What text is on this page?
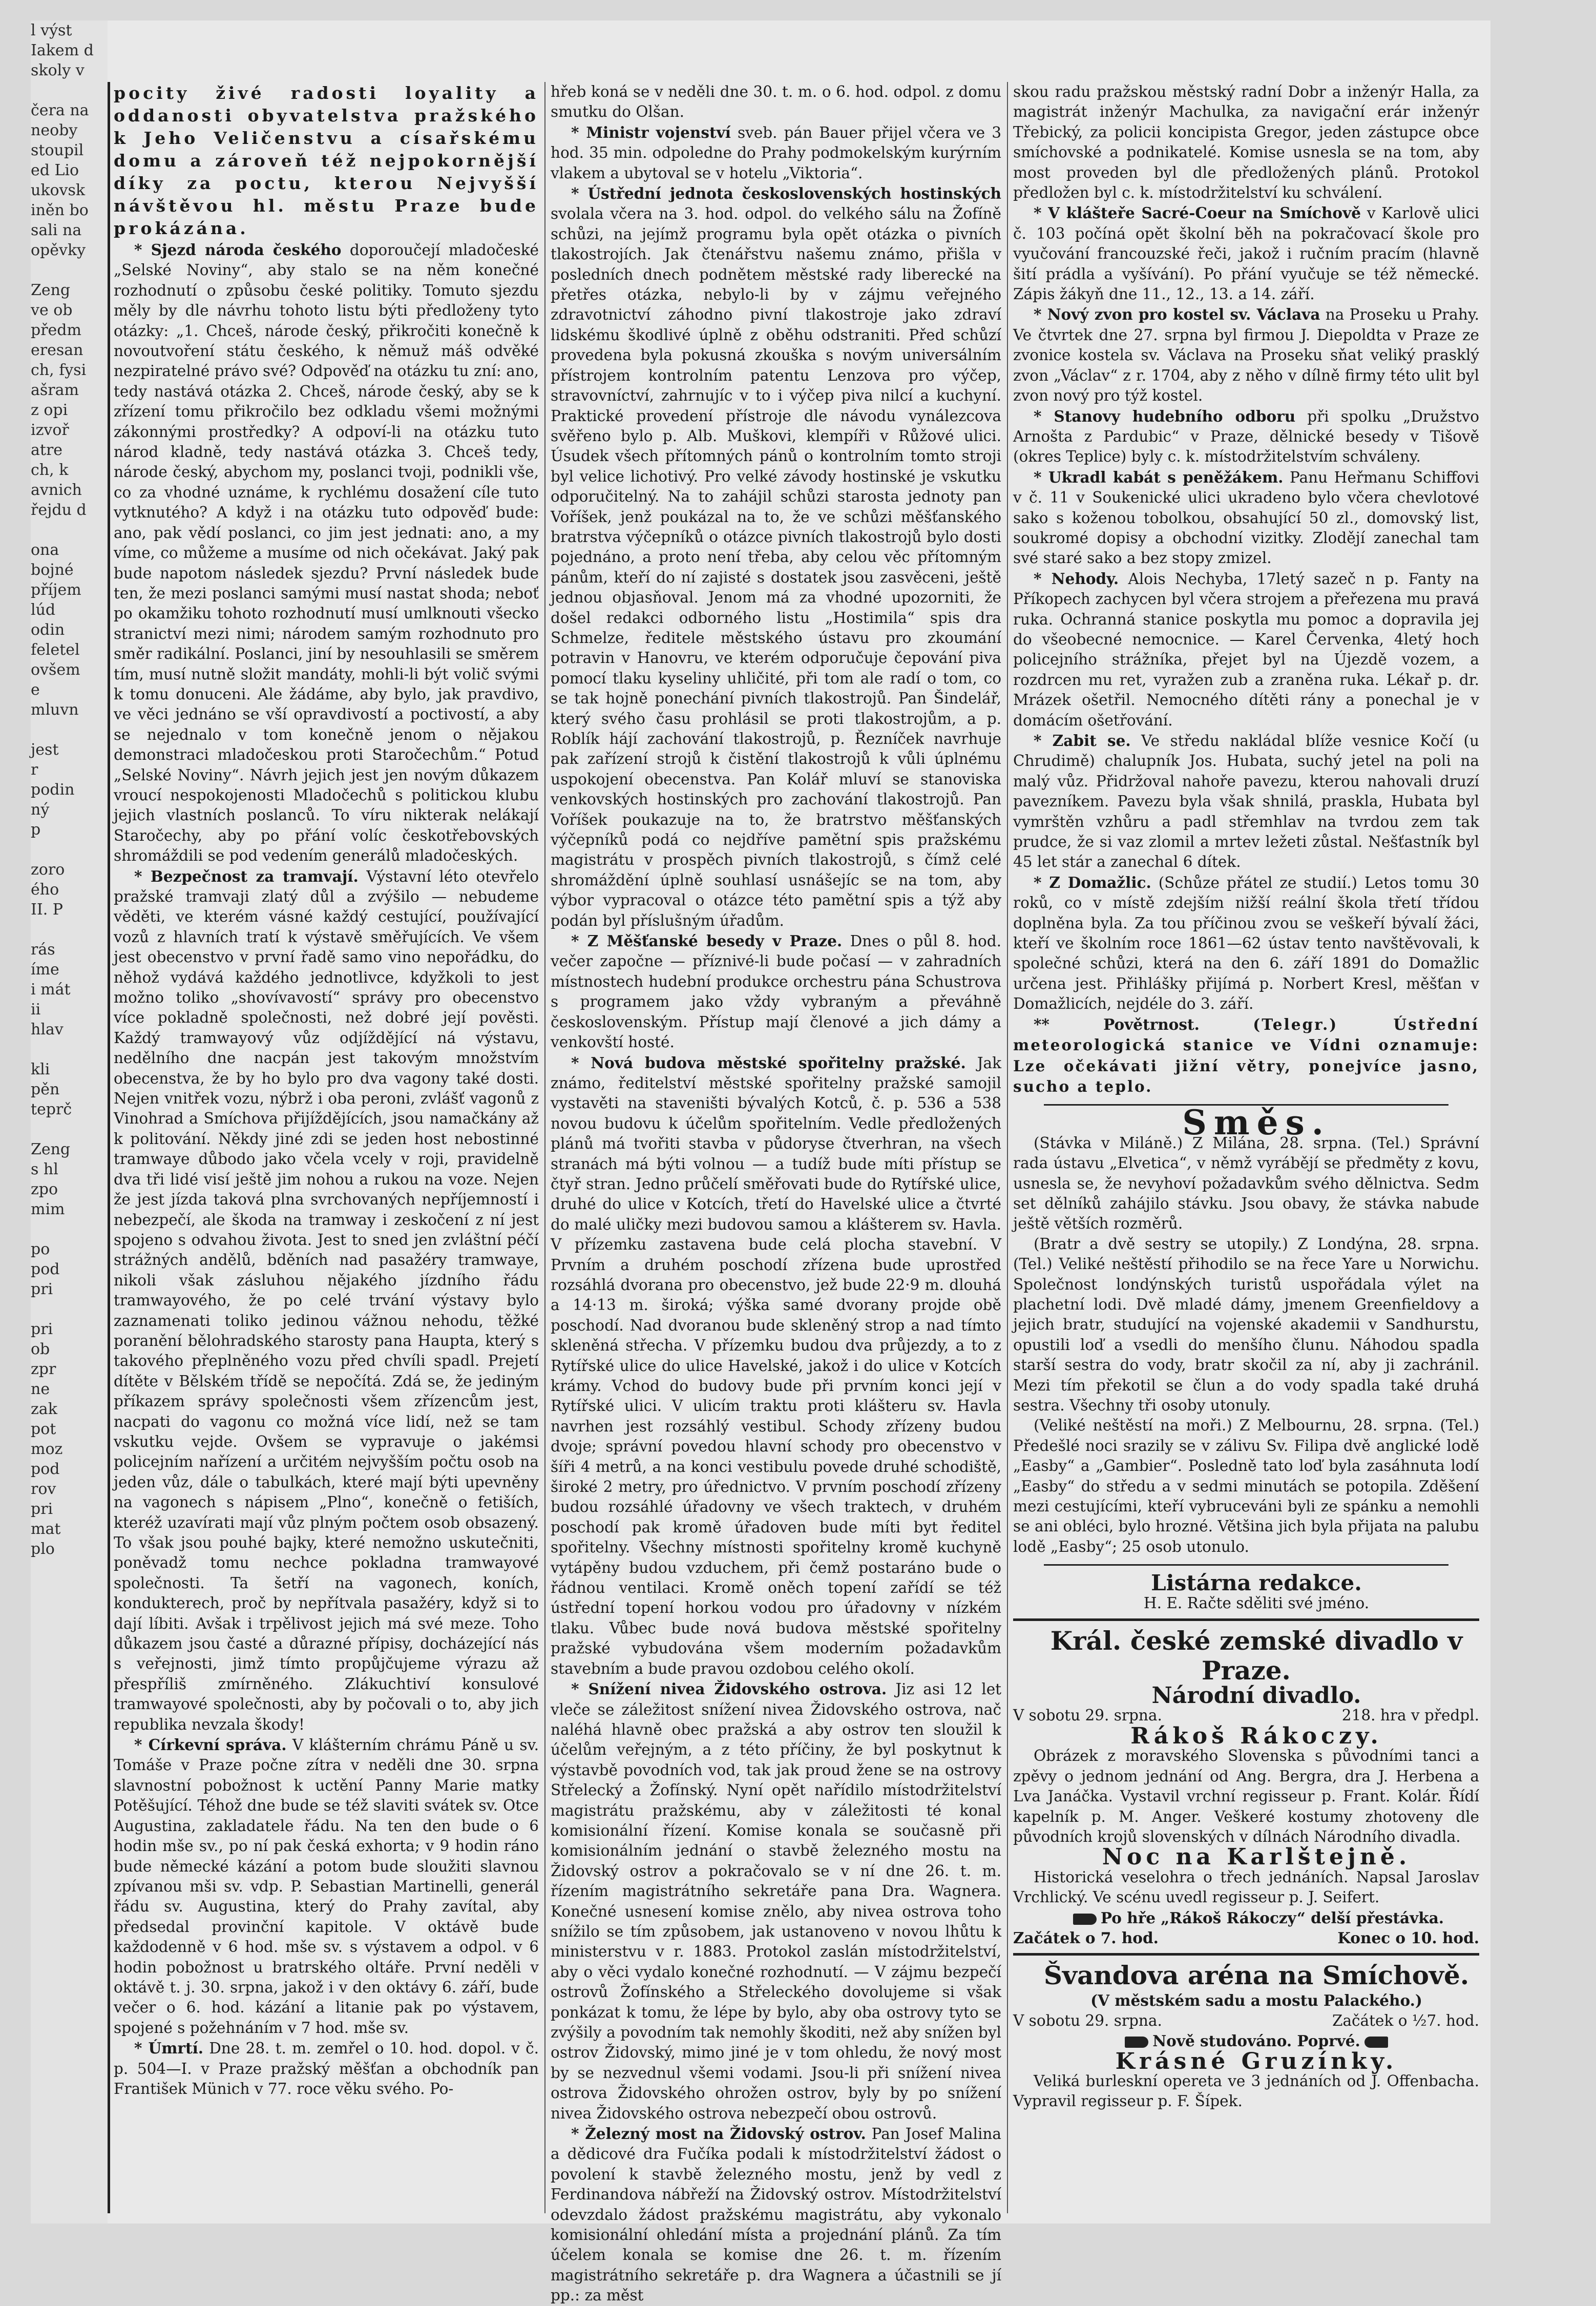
l výst
Iakem d
skoly v
čera na
neoby
stoupil
ed Lio
ukovsk
iněn bo
sali na
opěvky
Zeng
ve ob
předm
eresan
ch, fysi
ašram
z opi
izvoř
atre
ch, k
avnich
řejdu d
ona
bojné
příjem
lúd
odin
feletel
ovšem
e
mluvn
jest
r
podin
ný
p
zoro
ého
II. P
rás
íme
i mát
ii
hlav
kli
pěn
teprč
Zeng
s hl
zpo
mim
po
pod
pri
pri
ob
zpr
ne
zak
pot
moz
pod
rov
pri
mat
plo

pocity živé radosti loyality a oddanosti obyvatelstva pražského k Jeho Veličenstvu a císařskému domu a zároveň též nejpokornější díky za poctu, kterou Nejvyšší návštěvou hl. městu Praze bude prokázána.

* Sjezd národa českého doporoučejí mladočeské „Selské Noviny“, aby stalo se na něm konečné rozhodnutí o způsobu české politiky. Tomuto sjezdu měly by dle návrhu tohoto listu býti předloženy tyto otázky: „1. Chceš, národe český, přikročiti konečně k novoutvoření státu českého, k němuž máš odvěké nezpiratelné právo své? Odpověď na otázku tu zní: ano, tedy nastává otázka 2. Chceš, národe český, aby se k zřízení tomu přikročilo bez odkladu všemi možnými zákonnými prostředky? A odpoví-li na otázku tuto národ kladně, tedy nastává otázka 3. Chceš tedy, národe český, abychom my, poslanci tvoji, podnikli vše, co za vhodné uznáme, k rychlému dosažení cíle tuto vytknutého? A když i na otázku tuto odpověď bude: ano, pak vědí poslanci, co jim jest jednati: ano, a my víme, co můžeme a musíme od nich očekávat. Jaký pak bude napotom následek sjezdu? První následek bude ten, že mezi poslanci samými musí nastat shoda; neboť po okamžiku tohoto rozhodnutí musí umlknouti všecko stranictví mezi nimi; národem samým rozhodnuto pro směr radikální. Poslanci, jiní by nesouhlasili se směrem tím, musí nutně složit mandáty, mohli-li být volič svými k tomu donuceni. Ale žádáme, aby bylo, jak pravdivo, ve věci jednáno se vší opravdivostí a poctivostí, a aby se nejednalo v tom konečně jenom o nějakou demonstraci mladočeskou proti Staročechům.“ Potud „Selské Noviny“. Návrh jejich jest jen novým důkazem vroucí nespokojenosti Mladočechů s politickou klubu jejich vlastních poslanců. To víru nikterak nelákají Staročechy, aby po přání volíc českotřebovských shromáždili se pod vedením generálů mladočeských.

* Bezpečnost za tramvají. Výstavní léto otevřelo pražské tramvaji zlatý důl a zvýšilo — nebudeme věděti, ve kterém vásné každý cestující, používající vozů z hlavních tratí k výstavě směřujících. Ve všem jest obecenstvo v první řadě samo vino nepořádku, do něhož vydává každého jednotlivce, kdyžkoli to jest možno toliko „shovívavostí“ správy pro obecenstvo více pokladně společnosti, než dobré její pověsti. Každý tramwayový vůz odjíždějící ná výstavu, nedělního dne nacpán jest takovým množstvím obecenstva, že by ho bylo pro dva vagony také dosti. Nejen vnitřek vozu, nýbrž i oba peroni, zvlášť vagonů z Vinohrad a Smíchova přijíždějících, jsou namačkány až k politování. Někdy jiné zdi se jeden host nebostinné tramwaye důbodo jako včela vcely v roji, pravidelně dva tři lidé visí ještě jim nohou a rukou na voze. Nejen že jest jízda taková plna svrchovaných nepříjemností i nebezpečí, ale škoda na tramway i zeskočení z ní jest spojeno s odvahou života. Jest to sned jen zvláštní péčí strážných andělů, bděních nad pasažéry tramwaye, nikoli však zásluhou nějakého jízdního řádu tramwayového, že po celé trvání výstavy bylo zaznamenati toliko jedinou vážnou nehodu, těžké poranění bělohradského starosty pana Haupta, který s takového přeplněného vozu před chvíli spadl. Prejetí dítěte v Bělském třídě se nepočítá. Zdá se, že jediným příkazem správy společnosti všem zřízencům jest, nacpati do vagonu co možná více lidí, než se tam vskutku vejde. Ovšem se vypravuje o jakémsi policejním nařízení a určitém nejvyšším počtu osob na jeden vůz, dále o tabulkách, které mají býti upevněny na vagonech s nápisem „Plno“, konečně o fetiších, kteréž uzavírati mají vůz plným počtem osob obsazený. To však jsou pouhé bajky, které nemožno uskutečniti, poněvadž tomu nechce pokladna tramwayové společnosti. Ta šetří na vagonech, koních, kondukterech, proč by nepřítvala pasažéry, když si to dají líbiti. Avšak i trpělivost jejich má své meze. Toho důkazem jsou časté a důrazné přípisy, docházející nás s veřejnosti, jimž tímto propůjčujeme výrazu až přespříliš zmírněného. Zlákuchtiví konsulové tramwayové společnosti, aby by počovali o to, aby jich republika nevzala škody!

* Církevní správa. V klášterním chrámu Páně u sv. Tomáše v Praze počne zítra v neděli dne 30. srpna slavnostní pobožnost k uctění Panny Marie matky Potěšující. Téhož dne bude se též slaviti svátek sv. Otce Augustina, zakladatele řádu. Na ten den bude o 6 hodin mše sv., po ní pak česká exhorta; v 9 hodin ráno bude německé kázání a potom bude sloužiti slavnou zpívanou mši sv. vdp. P. Sebastian Martinelli, generál řádu sv. Augustina, který do Prahy zavítal, aby předsedal provinční kapitole. V oktávě bude každodenně v 6 hod. mše sv. s výstavem a odpol. v 6 hodin pobožnost u bratrského oltáře. První neděli v oktávě t. j. 30. srpna, jakož i v den oktávy 6. září, bude večer o 6. hod. kázání a litanie pak po výstavem, spojené s požehnáním v 7 hod. mše sv.

* Úmrtí. Dne 28. t. m. zemřel o 10. hod. dopol. v č. p. 504—I. v Praze pražský měšťan a obchodník pan František Münich v 77. roce věku svého. Po-

hřeb koná se v neděli dne 30. t. m. o 6. hod. odpol. z domu smutku do Olšan.

* Ministr vojenství sveb. pán Bauer přijel včera ve 3 hod. 35 min. odpoledne do Prahy podmokelským kurýrním vlakem a ubytoval se v hotelu „Viktoria“.

* Ústřední jednota československých hostinských svolala včera na 3. hod. odpol. do velkého sálu na Žofíně schůzi, na jejímž programu byla opět otázka o pivních tlakostrojích. Jak čtenářstvu našemu známo, přišla v posledních dnech podnětem městské rady liberecké na přetřes otázka, nebylo-li by v zájmu veřejného zdravotnictví záhodno pivní tlakostroje jako zdraví lidskému škodlivé úplně z oběhu odstraniti. Před schůzí provedena byla pokusná zkouška s novým universálním přístrojem kontrolním patentu Lenzova pro výčep, stravovníctví, zahrnujíc v to i výčep piva nilcí a kuchyní. Praktické provedení přístroje dle návodu vynálezcova svěřeno bylo p. Alb. Muškovi, klempíři v Růžové ulici. Úsudek všech přítomných pánů o kontrolním tomto stroji byl velice lichotivý. Pro velké závody hostinské je vskutku odporučitelný. Na to zahájil schůzi starosta jednoty pan Voříšek, jenž poukázal na to, že ve schůzi měšťanského bratrstva výčepníků o otázce pivních tlakostrojů bylo dosti pojednáno, a proto není třeba, aby celou věc přítomným pánům, kteří do ní zajisté s dostatek jsou zasvěceni, ještě jednou objasňoval. Jenom má za vhodné upozorniti, že došel redakci odborného listu „Hostimila“ spis dra Schmelze, ředitele městského ústavu pro zkoumání potravin v Hanovru, ve kterém odporučuje čepování piva pomocí tlaku kyseliny uhličité, při tom ale radí o tom, co se tak hojně ponechání pivních tlakostrojů. Pan Šindelář, který svého času prohlásil se proti tlakostrojům, a p. Roblík hájí zachování tlakostrojů, p. Řezníček navrhuje pak zařízení strojů k čistění tlakostrojů k vůli úplnému uspokojení obecenstva. Pan Kolář mluví se stanoviska venkovských hostinských pro zachování tlakostrojů. Pan Voříšek poukazuje na to, že bratrstvo měšťanských výčepníků podá co nejdříve pamětní spis pražskému magistrátu v prospěch pivních tlakostrojů, s čímž celé shromáždění úplně souhlasí usnášejíc se na tom, aby výbor vypracoval o otázce této pamětní spis a týž aby podán byl příslušným úřadům.

* Z Měšťanské besedy v Praze. Dnes o půl 8. hod. večer započne — příznivé-li bude počasí — v zahradních místnostech hudební produkce orchestru pána Schustrova s programem jako vždy vybraným a převáhně československým. Přístup mají členové a jich dámy a venkovští hosté.

* Nová budova městské spořitelny pražské. Jak známo, ředitelství městské spořitelny pražské samojil vystavěti na staveništi bývalých Kotců, č. p. 536 a 538 novou budovu k účelům spořitelním. Vedle předložených plánů má tvořiti stavba v půdoryse čtverhran, na všech stranách má býti volnou — a tudíž bude míti přístup se čtyř stran. Jedno průčelí směřovati bude do Rytířské ulice, druhé do ulice v Kotcích, třetí do Havelské ulice a čtvrté do malé uličky mezi budovou samou a klášterem sv. Havla. V přízemku zastavena bude celá plocha stavební. V Prvním a druhém poschodí zřízena bude uprostřed rozsáhlá dvorana pro obecenstvo, jež bude 22·9 m. dlouhá a 14·13 m. široká; výška samé dvorany projde obě poschodí. Nad dvoranou bude skleněný strop a nad tímto skleněná střecha. V přízemku budou dva průjezdy, a to z Rytířské ulice do ulice Havelské, jakož i do ulice v Kotcích krámy. Vchod do budovy bude při prvním konci její v Rytířské ulici. V ulicím traktu proti klášteru sv. Havla navrhen jest rozsáhlý vestibul. Schody zřízeny budou dvoje; správní povedou hlavní schody pro obecenstvo v šíři 4 metrů, a na konci vestibulu povede druhé schodiště, široké 2 metry, pro úřednictvo. V prvním poschodí zřízeny budou rozsáhlé úřadovny ve všech traktech, v druhém poschodí pak kromě úřadoven bude míti byt ředitel spořitelny. Všechny místnosti spořitelny kromě kuchyně vytápěny budou vzduchem, při čemž postaráno bude o řádnou ventilaci. Kromě oněch topení zařídí se též ústřední topení horkou vodou pro úřadovny v nízkém tlaku. Vůbec bude nová budova městské spořitelny pražské vybudována všem moderním požadavkům stavebním a bude pravou ozdobou celého okolí.

* Snížení nivea Židovského ostrova. Jiz asi 12 let vleče se záležitost snížení nivea Židovského ostrova, nač naléhá hlavně obec pražská a aby ostrov ten sloužil k účelům veřejným, a z této příčiny, že byl poskytnut k výstavbě povodních vod, tak jak proud žene se na ostrovy Střelecký a Žofínský. Nyní opět nařídilo místodržitelství magistrátu pražskému, aby v záležitosti té konal komisionální řízení. Komise konala se současně při komisionálním jednání o stavbě železného mostu na Židovský ostrov a pokračovalo se v ní dne 26. t. m. řízením magistrátního sekretáře pana Dra. Wagnera. Konečné usnesení komise znělo, aby nivea ostrova toho snížilo se tím způsobem, jak ustanoveno v novou lhůtu k ministerstvu v r. 1883. Protokol zaslán místodržitelství, aby o věci vydalo konečné rozhodnutí. — V zájmu bezpečí ostrovů Žofínského a Střeleckého dovolujeme si však ponkázat k tomu, že lépe by bylo, aby oba ostrovy tyto se zvýšily a povodním tak nemohly škoditi, než aby snížen byl ostrov Židovský, mimo jiné je v tom ohledu, že nový most by se nezvednul všemi vodami. Jsou-li při snížení nivea ostrova Židovského ohrožen ostrov, byly by po snížení nivea Židovského ostrova nebezpečí obou ostrovů.

* Železný most na Židovský ostrov. Pan Josef Malina a dědicové dra Fučíka podali k místodržitelství žádost o povolení k stavbě železného mostu, jenž by vedl z Ferdinandova nábřeží na Židovský ostrov. Místodržitelství odevzdalo žádost pražskému magistrátu, aby vykonalo komisionální ohledání místa a projednání plánů. Za tím účelem konala se komise dne 26. t. m. řízením magistrátního sekretáře p. dra Wagnera a účastnili se jí pp.: za měst

skou radu pražskou městský radní Dobr a inženýr Halla, za magistrát inženýr Machulka, za navigační erár inženýr Třebický, za policii koncipista Gregor, jeden zástupce obce smíchovské a podnikatelé. Komise usnesla se na tom, aby most proveden byl dle předložených plánů. Protokol předložen byl c. k. místodržitelství ku schválení.

* V klášteře Sacré-Coeur na Smíchově v Karlově ulici č. 103 počíná opět školní běh na pokračovací škole pro vyučování francouzské řeči, jakož i ručním pracím (hlavně šití prádla a vyšívání). Po přání vyučuje se též německé. Zápis žákyň dne 11., 12., 13. a 14. září.

* Nový zvon pro kostel sv. Václava na Proseku u Prahy. Ve čtvrtek dne 27. srpna byl firmou J. Diepoldta v Praze ze zvonice kostela sv. Václava na Proseku sňat veliký prasklý zvon „Václav“ z r. 1704, aby z něho v dílně firmy této ulit byl zvon nový pro týž kostel.

* Stanovy hudebního odboru při spolku „Družstvo Arnošta z Pardubic“ v Praze, dělnické besedy v Tišově (okres Teplice) byly c. k. místodržitelstvím schváleny.

* Ukradl kabát s peněžákem. Panu Heřmanu Schiffovi v č. 11 v Soukenické ulici ukradeno bylo včera chevlotové sako s koženou tobolkou, obsahující 50 zl., domovský list, soukromé dopisy a obchodní vizitky. Zlodějí zanechal tam své staré sako a bez stopy zmizel.

* Nehody. Alois Nechyba, 17letý sazeč n p. Fanty na Příkopech zachycen byl včera strojem a přeřezena mu pravá ruka. Ochranná stanice poskytla mu pomoc a dopravila jej do všeobecné nemocnice. — Karel Červenka, 4letý hoch policejního strážníka, přejet byl na Újezdě vozem, a rozdrcen mu ret, vyražen zub a zraněna ruka. Lékař p. dr. Mrázek ošetřil. Nemocného dítěti rány a ponechal je v domácím ošetřování.

* Zabit se. Ve středu nakládal blíže vesnice Kočí (u Chrudimě) chalupník Jos. Hubata, suchý jetel na poli na malý vůz. Přidržoval nahoře pavezu, kterou nahovali druzí pavezníkem. Pavezu byla však shnilá, praskla, Hubata byl vymrštěn vzhůru a padl střemhlav na tvrdou zem tak prudce, že si vaz zlomil a mrtev ležeti zůstal. Nešťastník byl 45 let stár a zanechal 6 dítek.

* Z Domažlic. (Schůze přátel ze studií.) Letos tomu 30 roků, co v místě zdejším nižší reální škola třetí třídou doplněna byla. Za tou příčinou zvou se veškeří bývalí žáci, kteří ve školním roce 1861—62 ústav tento navštěvovali, k společné schůzi, která na den 6. září 1891 do Domažlic určena jest. Přihlášky přijímá p. Norbert Kresl, měšťan v Domažlicích, nejdéle do 3. září.

** Povětrnost.	(Telegr.) Ústřední meteorologická stanice ve Vídni oznamuje: Lze očekávati jižní větry, ponejvíce jasno, sucho a teplo.

Směs.

(Stávka v Miláně.) Z Milána, 28. srpna. (Tel.) Správní rada ústavu „Elvetica“, v němž vyrábějí se předměty z kovu, usnesla se, že nevyhoví požadavkům svého dělnictva. Sedm set dělníků zahájilo stávku. Jsou obavy, že stávka nabude ještě větších rozměrů.

(Bratr a dvě sestry se utopily.) Z Londýna, 28. srpna. (Tel.) Veliké neštěstí přihodilo se na řece Yare u Norwichu. Společnost londýnských turistů uspořádala výlet na plachetní lodi. Dvě mladé dámy, jmenem Greenfieldovy a jejich bratr, studující na vojenské akademii v Sandhurstu, opustili loď a vsedli do menšího člunu. Náhodou spadla starší sestra do vody, bratr skočil za ní, aby ji zachránil. Mezi tím překotil se člun a do vody spadla také druhá sestra. Všechny tři osoby utonuly.

(Veliké neštěstí na moři.) Z Melbournu, 28. srpna. (Tel.) Předešlé noci srazily se v zálivu Sv. Filipa dvě anglické lodě „Easby“ a „Gambier“. Posledně tato loď byla zasáhnuta lodí „Easby“ do středu a v sedmi minutách se potopila. Zděšení mezi cestujícími, kteří vybruceváni byli ze spánku a nemohli se ani obléci, bylo hrozné. Většina jich byla přijata na palubu lodě „Easby“; 25 osob utonulo.

Listárna redakce.

H. E. Račte sděliti své jméno.

Král. české zemské divadlo v Praze.

Národní divadlo.

V sobotu 29. srpna.	218. hra v předpl.

Rákoš Rákoczy.

Obrázek z moravského Slovenska s původními tanci a zpěvy o jednom jednání od Ang. Bergra, dra J. Herbena a Lva Janáčka. Vystavil vrchní regisseur p. Frant. Kolár. Řídí kapelník p. M. Anger. Veškeré kostumy zhotoveny dle původních krojů slovenských v dílnách Národního divadla.

Noc na Karlštejně.

Historická veselohra o třech jednáních. Napsal Jaroslav Vrchlický. Ve scénu uvedl regisseur p. J. Seifert.

Po hře „Rákoš Rákoczy“ delší přestávka.

Začátek o 7. hod.	Konec o 10. hod.

Švandova aréna na Smíchově.

(V městském sadu a mostu Palackého.)

V sobotu 29. srpna.	Začátek o ½7. hod.

Nově studováno. Poprvé.

Krásné Gruzínky.

Veliká burleskní opereta ve 3 jednáních od J. Offenbacha. Vypravil regisseur p. F. Šípek.
